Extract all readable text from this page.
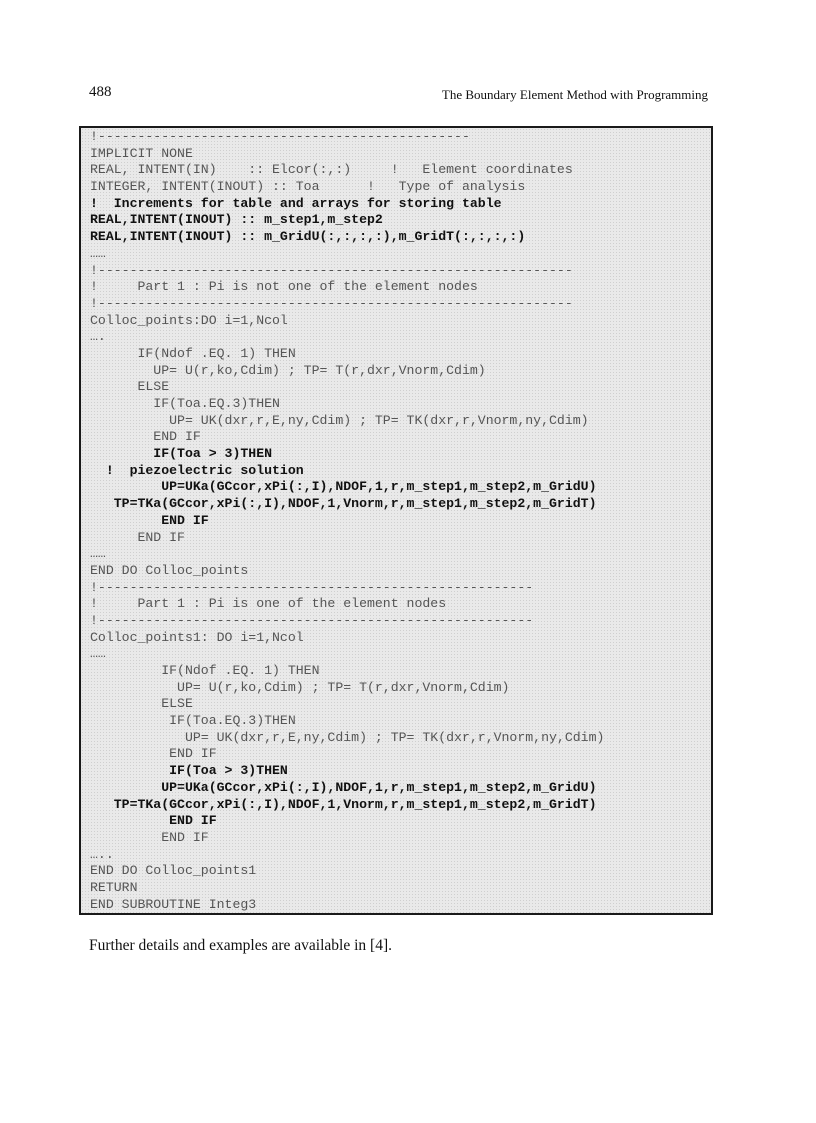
488	The Boundary Element Method with Programming
!-----------------------------------------------
IMPLICIT NONE
REAL, INTENT(IN)    :: Elcor(:,:)     !   Element coordinates
INTEGER, INTENT(INOUT) :: Toa      !   Type of analysis
!  Increments for table and arrays for storing table
REAL,INTENT(INOUT) :: m_step1,m_step2
REAL,INTENT(INOUT) :: m_GridU(:,:,:,:),m_GridT(:,:,:,:)
……
!------------------------------------------------------------
!     Part 1 : Pi is not one of the element nodes
!------------------------------------------------------------
Colloc_points:DO i=1,Ncol
….
IF(Ndof .EQ. 1) THEN
UP= U(r,ko,Cdim) ; TP= T(r,dxr,Vnorm,Cdim)
ELSE
IF(Toa.EQ.3)THEN
UP= UK(dxr,r,E,ny,Cdim) ; TP= TK(dxr,r,Vnorm,ny,Cdim)
END IF
IF(Toa > 3)THEN
!  piezoelectric solution
UP=UKa(GCcor,xPi(:,I),NDOF,1,r,m_step1,m_step2,m_GridU)
TP=TKa(GCcor,xPi(:,I),NDOF,1,Vnorm,r,m_step1,m_step2,m_GridT)
END IF
END IF
……
END DO Colloc_points
!-------------------------------------------------------
!     Part 1 : Pi is one of the element nodes
!-------------------------------------------------------
Colloc_points1: DO i=1,Ncol
……
IF(Ndof .EQ. 1) THEN
UP= U(r,ko,Cdim) ; TP= T(r,dxr,Vnorm,Cdim)
ELSE
IF(Toa.EQ.3)THEN
UP= UK(dxr,r,E,ny,Cdim) ; TP= TK(dxr,r,Vnorm,ny,Cdim)
END IF
IF(Toa > 3)THEN
UP=UKa(GCcor,xPi(:,I),NDOF,1,r,m_step1,m_step2,m_GridU)
TP=TKa(GCcor,xPi(:,I),NDOF,1,Vnorm,r,m_step1,m_step2,m_GridT)
END IF
END IF
…..
END DO Colloc_points1
RETURN
END SUBROUTINE Integ3
Further details and examples are available in [4].
